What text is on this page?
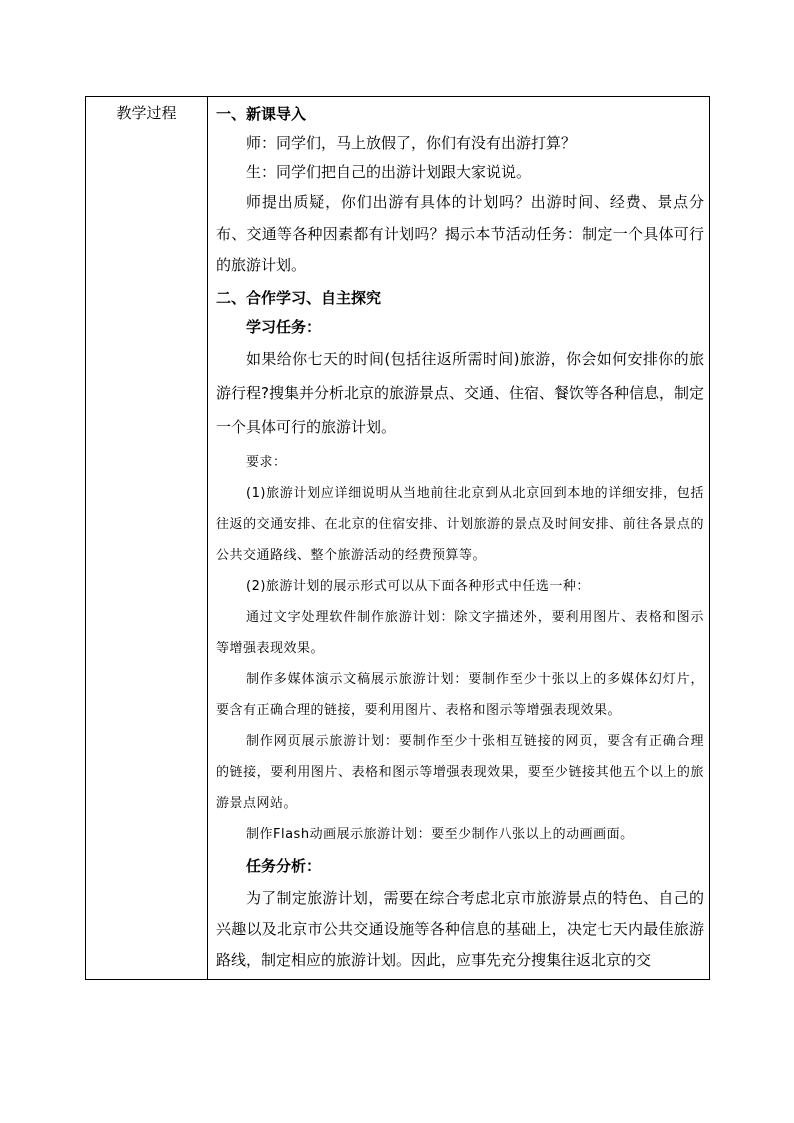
教学过程	一、新课导入
师：同学们，马上放假了，你们有没有出游打算？
生：同学们把自己的出游计划跟大家说说。
师提出质疑，你们出游有具体的计划吗？出游时间、经费、景点分布、交通等各种因素都有计划吗？揭示本节活动任务：制定一个具体可行的旅游计划。
二、合作学习、自主探究
学习任务：
如果给你七天的时间(包括往返所需时间)旅游，你会如何安排你的旅游行程?搜集并分析北京的旅游景点、交通、住宿、餐饮等各种信息，制定一个具体可行的旅游计划。
要求：
(1)旅游计划应详细说明从当地前往北京到从北京回到本地的详细安排，包括往返的交通安排、在北京的住宿安排、计划旅游的景点及时间安排、前往各景点的公共交通路线、整个旅游活动的经费预算等。
(2)旅游计划的展示形式可以从下面各种形式中任选一种：
通过文字处理软件制作旅游计划：除文字描述外，要利用图片、表格和图示等增强表现效果。
制作多媒体演示文稿展示旅游计划：要制作至少十张以上的多媒体幻灯片，要含有正确合理的链接，要利用图片、表格和图示等增强表现效果。
制作网页展示旅游计划：要制作至少十张相互链接的网页，要含有正确合理的链接，要利用图片、表格和图示等增强表现效果，要至少链接其他五个以上的旅游景点网站。
制作Flash动画展示旅游计划：要至少制作八张以上的动画画面。
任务分析：
为了制定旅游计划，需要在综合考虑北京市旅游景点的特色、自己的兴趣以及北京市公共交通设施等各种信息的基础上，决定七天内最佳旅游路线，制定相应的旅游计划。因此，应事先充分搜集往返北京的交
